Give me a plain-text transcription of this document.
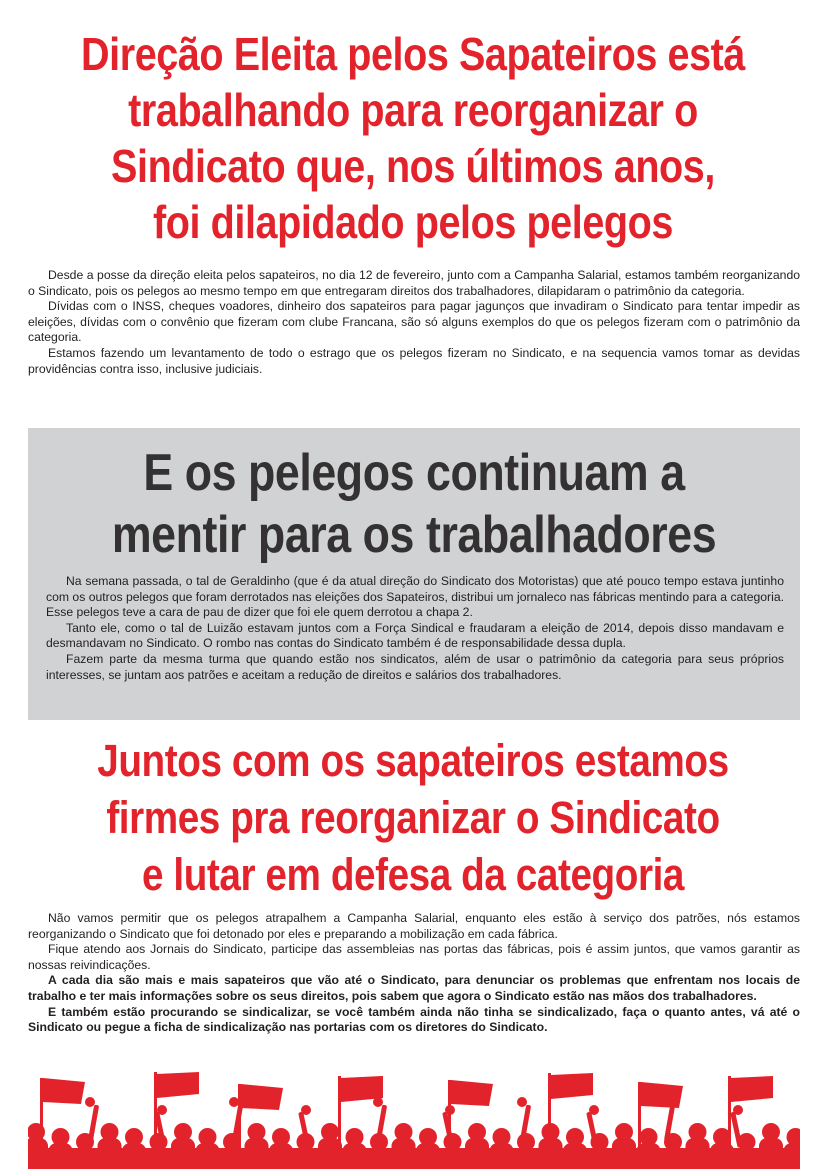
Direção Eleita pelos Sapateiros está
trabalhando para reorganizar o
Sindicato que, nos últimos anos,
foi dilapidado pelos pelegos

Desde a posse da direção eleita pelos sapateiros, no dia 12 de fevereiro, junto com a Campanha Salarial, estamos também reorganizando o Sindicato, pois os pelegos ao mesmo tempo em que entregaram direitos dos trabalhadores, dilapidaram o patrimônio da categoria.

Dívidas com o INSS, cheques voadores, dinheiro dos sapateiros para pagar jagunços que invadiram o Sindicato para tentar impedir as eleições, dívidas com o convênio que fizeram com clube Francana, são só alguns exemplos do que os pelegos fizeram com o patrimônio da categoria.

Estamos fazendo um levantamento de todo o estrago que os pelegos fizeram no Sindicato, e na sequencia vamos tomar as devidas providências contra isso, inclusive judiciais.

E os pelegos continuam a
mentir para os trabalhadores

Na semana passada, o tal de Geraldinho (que é da atual direção do Sindicato dos Motoristas) que até pouco tempo estava juntinho com os outros pelegos que foram derrotados nas eleições dos Sapateiros, distribui um jornaleco nas fábricas mentindo para a categoria. Esse pelegos teve a cara de pau de dizer que foi ele quem derrotou a chapa 2.

Tanto ele, como o tal de Luizão estavam juntos com a Força Sindical e fraudaram a eleição de 2014, depois disso mandavam e desmandavam no Sindicato. O rombo nas contas do Sindicato também é de responsabilidade dessa dupla.

Fazem parte da mesma turma que quando estão nos sindicatos, além de usar o patrimônio da categoria para seus próprios interesses, se juntam aos patrões e aceitam a redução de direitos e salários dos trabalhadores.

Juntos com os sapateiros estamos
firmes pra reorganizar o Sindicato
e lutar em defesa da categoria

Não vamos permitir que os pelegos atrapalhem a Campanha Salarial, enquanto eles estão à serviço dos patrões, nós estamos reorganizando o Sindicato que foi detonado por eles e preparando a mobilização em cada fábrica.

Fique atendo aos Jornais do Sindicato, participe das assembleias nas portas das fábricas, pois é assim juntos, que vamos garantir as nossas reivindicações.

A cada dia são mais e mais sapateiros que vão até o Sindicato, para denunciar os problemas que enfrentam nos locais de trabalho e ter mais informações sobre os seus direitos, pois sabem que agora o Sindicato estão nas mãos dos trabalhadores.

E também estão procurando se sindicalizar, se você também ainda não tinha se sindicalizado, faça o quanto antes, vá até o Sindicato ou pegue a ficha de sindicalização nas portarias com os diretores do Sindicato.
